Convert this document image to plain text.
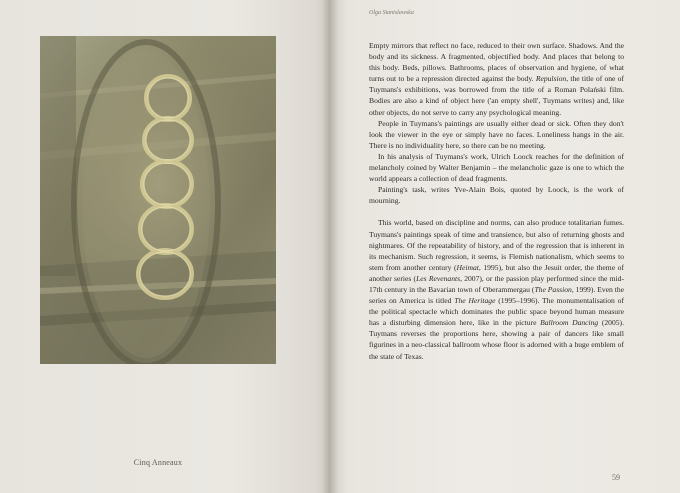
Cinq Anneaux
Olga Stanislawska

Empty mirrors that reflect no face, reduced to their own surface. Shadows. And the body and its sickness. A fragmented, objectified body. And places that belong to this body. Beds, pillows. Bathrooms, places of observation and hygiene, of what turns out to be a repression directed against the body. Repulsion, the title of one of Tuymans's exhibitions, was borrowed from the title of a Roman Polański film. Bodies are also a kind of object here ('an empty shell', Tuymans writes) and, like other objects, do not serve to carry any psychological meaning.

People in Tuymans's paintings are usually either dead or sick. Often they don't look the viewer in the eye or simply have no faces. Loneliness hangs in the air. There is no individuality here, so there can be no meeting.

In his analysis of Tuymans's work, Ulrich Loock reaches for the definition of melancholy coined by Walter Benjamin – the melancholic gaze is one to which the world appears a collection of dead fragments.

Painting's task, writes Yve-Alain Bois, quoted by Loock, is the work of mourning.

This world, based on discipline and norms, can also produce totalitarian fumes. Tuymans's paintings speak of time and transience, but also of returning ghosts and nightmares. Of the repeatability of history, and of the regression that is inherent in its mechanism. Such regression, it seems, is Flemish nationalism, which seems to stem from another century (Heimat, 1995), but also the Jesuit order, the theme of another series (Les Revenants, 2007), or the passion play performed since the mid-17th century in the Bavarian town of Oberammergau (The Passion, 1999). Even the series on America is titled The Heritage (1995–1996). The monumentalisation of the political spectacle which dominates the public space beyond human measure has a disturbing dimension here, like in the picture Ballroom Dancing (2005). Tuymans reverses the proportions here, showing a pair of dancers like small figurines in a neo-classical ballroom whose floor is adorned with a huge emblem of the state of Texas.

59
